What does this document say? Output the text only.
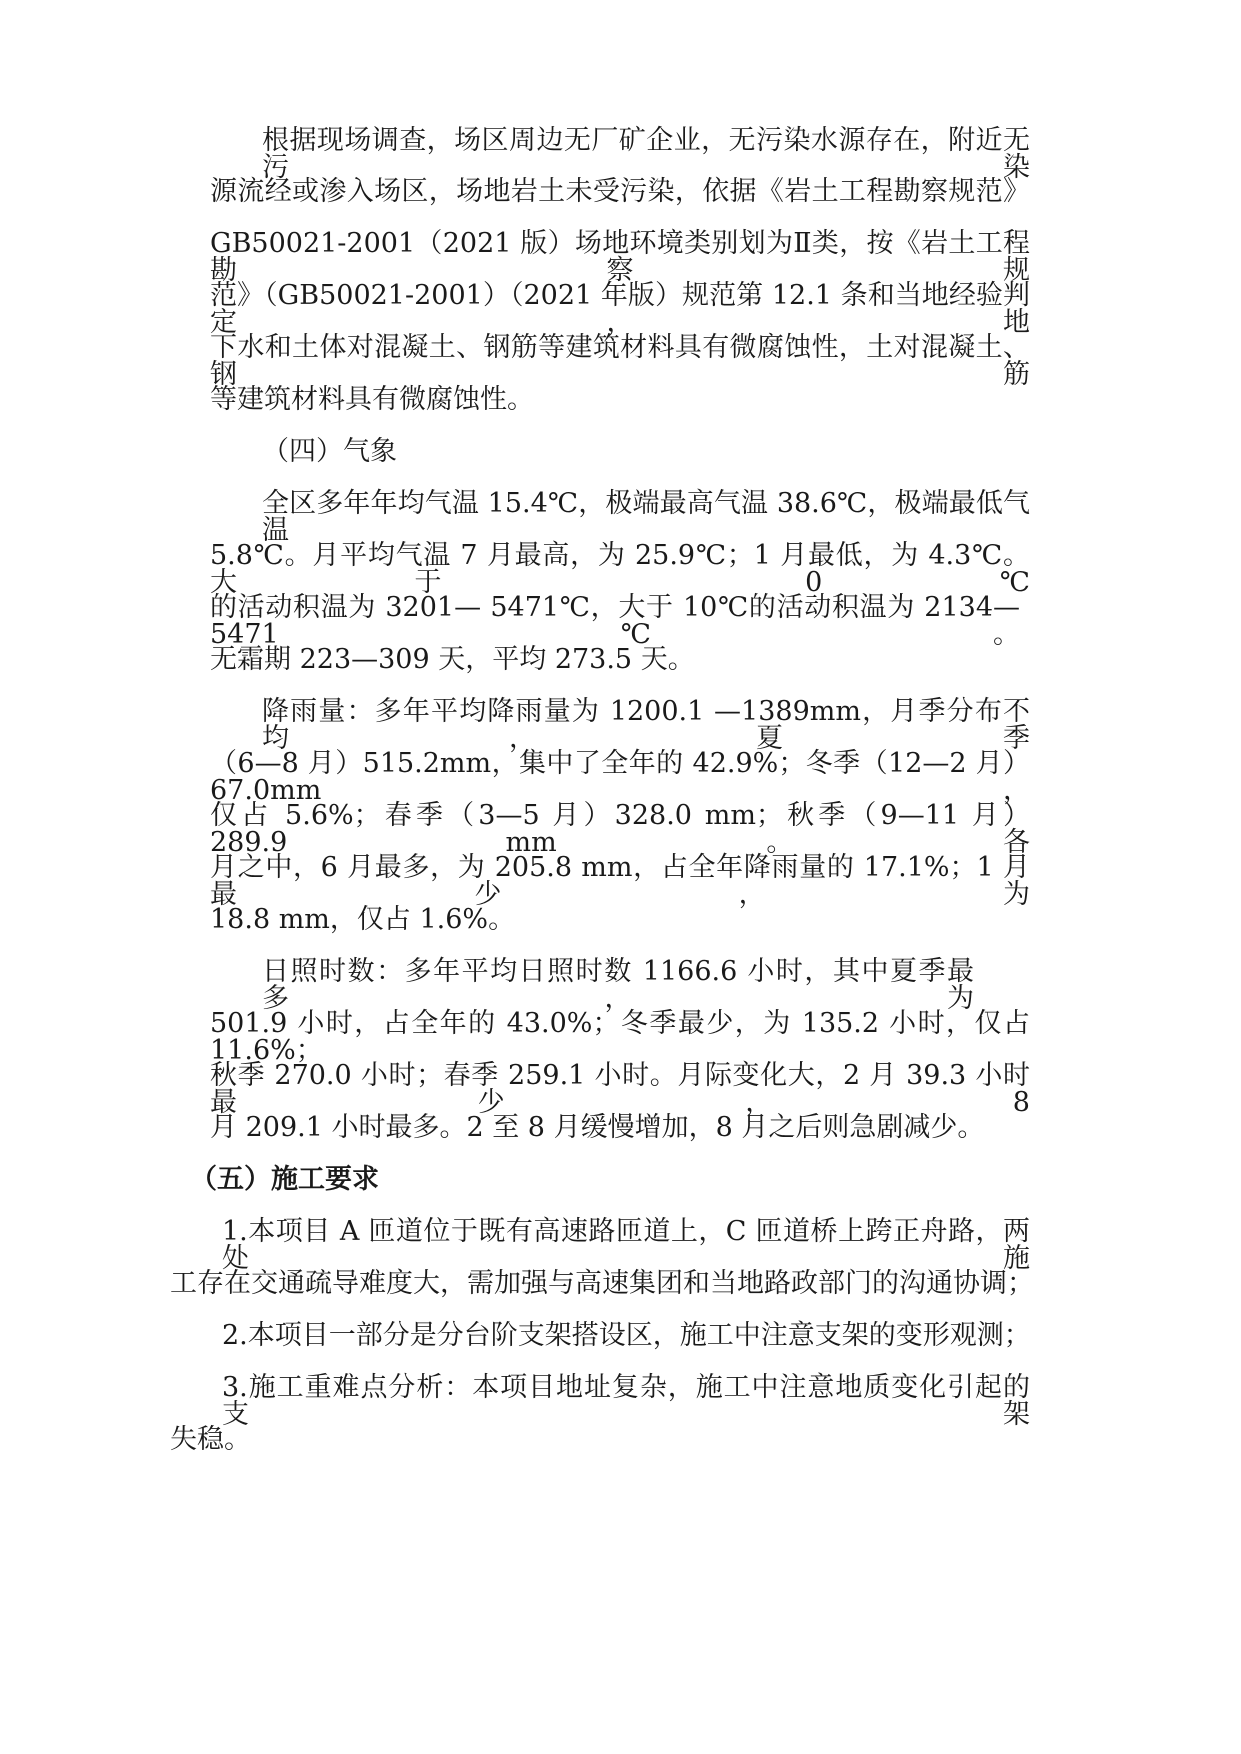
根据现场调查，场区周边无厂矿企业，无污染水源存在，附近无污染
源流经或渗入场区，场地岩土未受污染，依据《岩土工程勘察规范》
GB50021-2001（2021 版）场地环境类别划为Ⅱ类，按《岩土工程勘察规
范》（GB50021-2001）（2021 年版）规范第 12.1 条和当地经验判定，地
下水和土体对混凝土、钢筋等建筑材料具有微腐蚀性，土对混凝土、钢筋
等建筑材料具有微腐蚀性。
（四）气象
全区多年年均气温 15.4℃，极端最高气温 38.6℃，极端最低气温
5.8℃。月平均气温 7 月最高，为 25.9℃；1 月最低，为 4.3℃。大于 0℃
的活动积温为 3201— 5471℃，大于 10℃的活动积温为 2134—5471℃。
无霜期 223—309 天，平均 273.5 天。
降雨量：多年平均降雨量为 1200.1 —1389mm，月季分布不均，夏季
（6—8 月）515.2mm，集中了全年的 42.9%；冬季（12—2 月）67.0mm，
仅占 5.6%；春季（3—5 月）328.0 mm；秋季（9—11 月）289.9 mm。各
月之中，6 月最多，为 205.8 mm，占全年降雨量的 17.1%；1 月最少，为
18.8 mm，仅占 1.6%。
日照时数：多年平均日照时数 1166.6 小时，其中夏季最多，为
501.9 小时，占全年的 43.0%；冬季最少，为 135.2 小时，仅占 11.6%；
秋季 270.0 小时；春季 259.1 小时。月际变化大，2 月 39.3 小时最少，8
月 209.1 小时最多。2 至 8 月缓慢增加，8 月之后则急剧减少。
（五）施工要求
1.本项目 A 匝道位于既有高速路匝道上，C 匝道桥上跨正舟路，两处施
工存在交通疏导难度大，需加强与高速集团和当地路政部门的沟通协调；
2.本项目一部分是分台阶支架搭设区，施工中注意支架的变形观测；
3.施工重难点分析：本项目地址复杂，施工中注意地质变化引起的支架
失稳。
